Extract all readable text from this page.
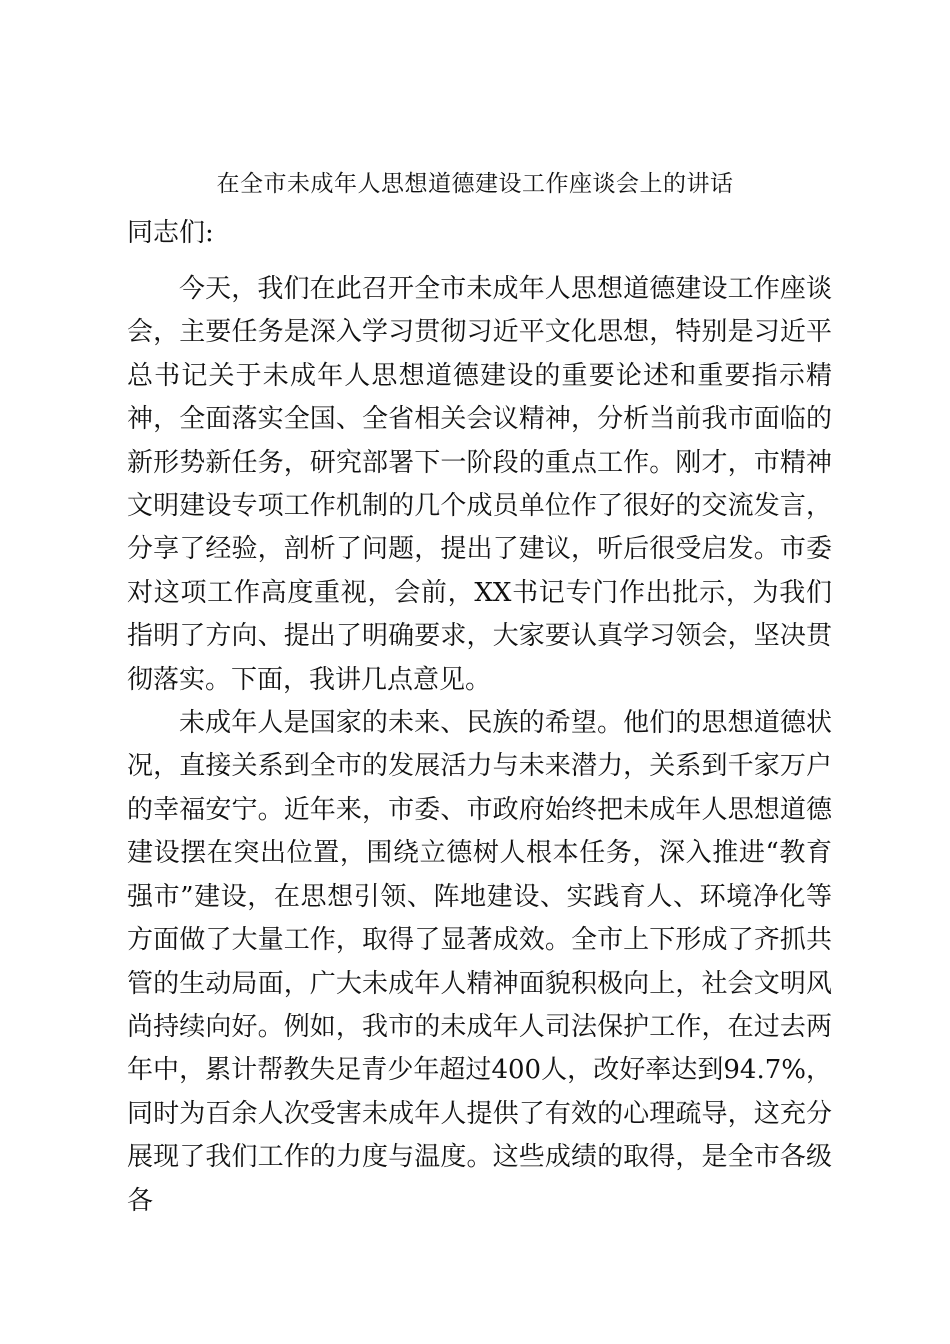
在全市未成年人思想道德建设工作座谈会上的讲话
同志们:

今天，我们在此召开全市未成年人思想道德建设工作座谈会，主要任务是深入学习贯彻习近平文化思想，特别是习近平总书记关于未成年人思想道德建设的重要论述和重要指示精神，全面落实全国、全省相关会议精神，分析当前我市面临的新形势新任务，研究部署下一阶段的重点工作。刚才，市精神文明建设专项工作机制的几个成员单位作了很好的交流发言，分享了经验，剖析了问题，提出了建议，听后很受启发。市委对这项工作高度重视，会前，XX书记专门作出批示，为我们指明了方向、提出了明确要求，大家要认真学习领会，坚决贯彻落实。下面，我讲几点意见。

未成年人是国家的未来、民族的希望。他们的思想道德状况，直接关系到全市的发展活力与未来潜力，关系到千家万户的幸福安宁。近年来，市委、市政府始终把未成年人思想道德建设摆在突出位置，围绕立德树人根本任务，深入推进“教育强市”建设，在思想引领、阵地建设、实践育人、环境净化等方面做了大量工作，取得了显著成效。全市上下形成了齐抓共管的生动局面，广大未成年人精神面貌积极向上，社会文明风尚持续向好。例如，我市的未成年人司法保护工作，在过去两年中，累计帮教失足青少年超过400人，改好率达到94.7%，同时为百余人次受害未成年人提供了有效的心理疏导，这充分展现了我们工作的力度与温度。这些成绩的取得，是全市各级各
